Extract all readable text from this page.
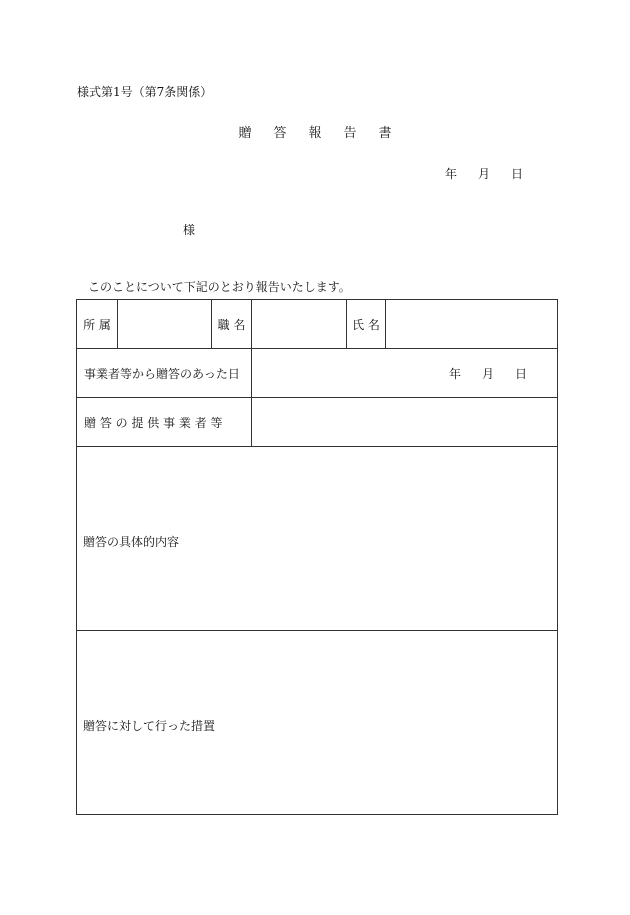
様式第1号（第7条関係）
贈 答 報 告 書
年 月 日
様
このことについて下記のとおり報告いたします。
所 属		職 名		氏 名	
事業者等から贈答のあった日			年 月 日		
贈 答 の 提 供 事 業 者 等					

贈答の具体的内容					

贈答に対して行った措置					
